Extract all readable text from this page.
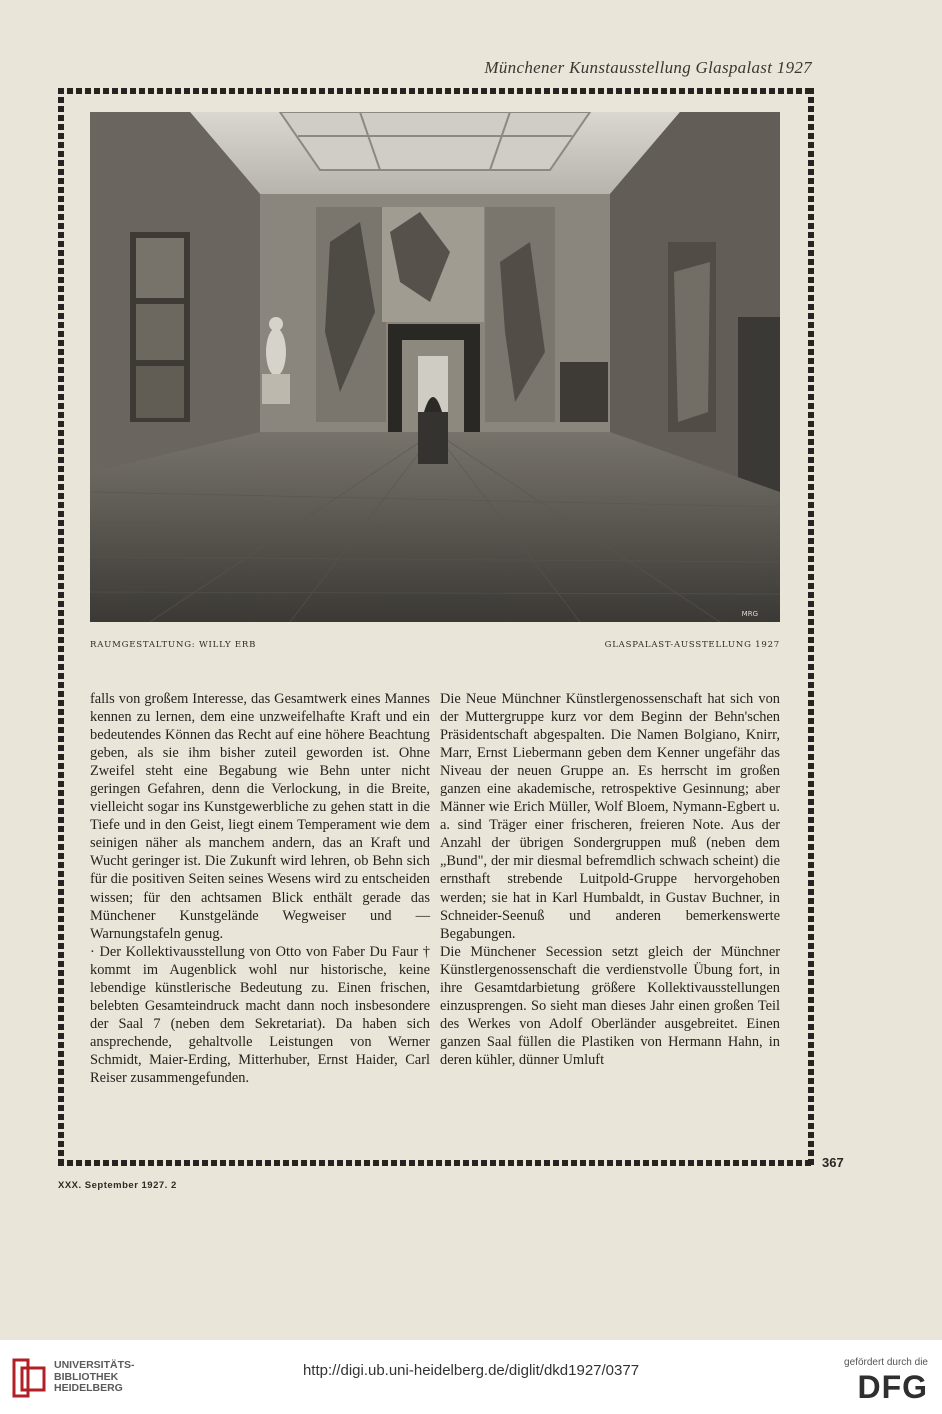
Münchener Kunstausstellung Glaspalast 1927
MRG
RAUMGESTALTUNG: WILLY ERB	GLASPALAST-AUSSTELLUNG 1927

falls von großem Interesse, das Gesamtwerk eines Mannes kennen zu lernen, dem eine unzweifelhafte Kraft und ein bedeutendes Können das Recht auf eine höhere Beachtung geben, als sie ihm bisher zuteil geworden ist. Ohne Zweifel steht eine Begabung wie Behn unter nicht geringen Gefahren, denn die Verlockung, in die Breite, vielleicht sogar ins Kunstgewerbliche zu gehen statt in die Tiefe und in den Geist, liegt einem Temperament wie dem seinigen näher als manchem andern, das an Kraft und Wucht geringer ist. Die Zukunft wird lehren, ob Behn sich für die positiven Seiten seines Wesens wird zu entscheiden wissen; für den achtsamen Blick enthält gerade das Münchener Kunstgelände Wegweiser und — Warnungstafeln genug.

· Der Kollektivausstellung von Otto von Faber Du Faur † kommt im Augenblick wohl nur historische, keine lebendige künstlerische Bedeutung zu. Einen frischen, belebten Gesamteindruck macht dann noch insbesondere der Saal 7 (neben dem Sekretariat). Da haben sich ansprechende, gehaltvolle Leistungen von Werner Schmidt, Maier-Erding, Mitterhuber, Ernst Haider, Carl Reiser zusammengefunden.

Die Neue Münchner Künstlergenossenschaft hat sich von der Muttergruppe kurz vor dem Beginn der Behn'schen Präsidentschaft abgespalten. Die Namen Bolgiano, Knirr, Marr, Ernst Liebermann geben dem Kenner ungefähr das Niveau der neuen Gruppe an. Es herrscht im großen ganzen eine akademische, retrospektive Gesinnung; aber Männer wie Erich Müller, Wolf Bloem, Nymann-Egbert u. a. sind Träger einer frischeren, freieren Note. Aus der Anzahl der übrigen Sondergruppen muß (neben dem „Bund", der mir diesmal befremdlich schwach scheint) die ernsthaft strebende Luitpold-Gruppe hervorgehoben werden; sie hat in Karl Humbaldt, in Gustav Buchner, in Schneider-Seenuß und anderen bemerkenswerte Begabungen.

Die Münchener Secession setzt gleich der Münchner Künstlergenossenschaft die verdienstvolle Übung fort, in ihre Gesamtdarbietung größere Kollektivausstellungen einzusprengen. So sieht man dieses Jahr einen großen Teil des Werkes von Adolf Oberländer ausgebreitet. Einen ganzen Saal füllen die Plastiken von Hermann Hahn, in deren kühler, dünner Umluft

367
XXX. September 1927. 2
UNIVERSITÄTS-
BIBLIOTHEK
HEIDELBERG
http://digi.ub.uni-heidelberg.de/diglit/dkd1927/0377	gefördert durch die
DFG
